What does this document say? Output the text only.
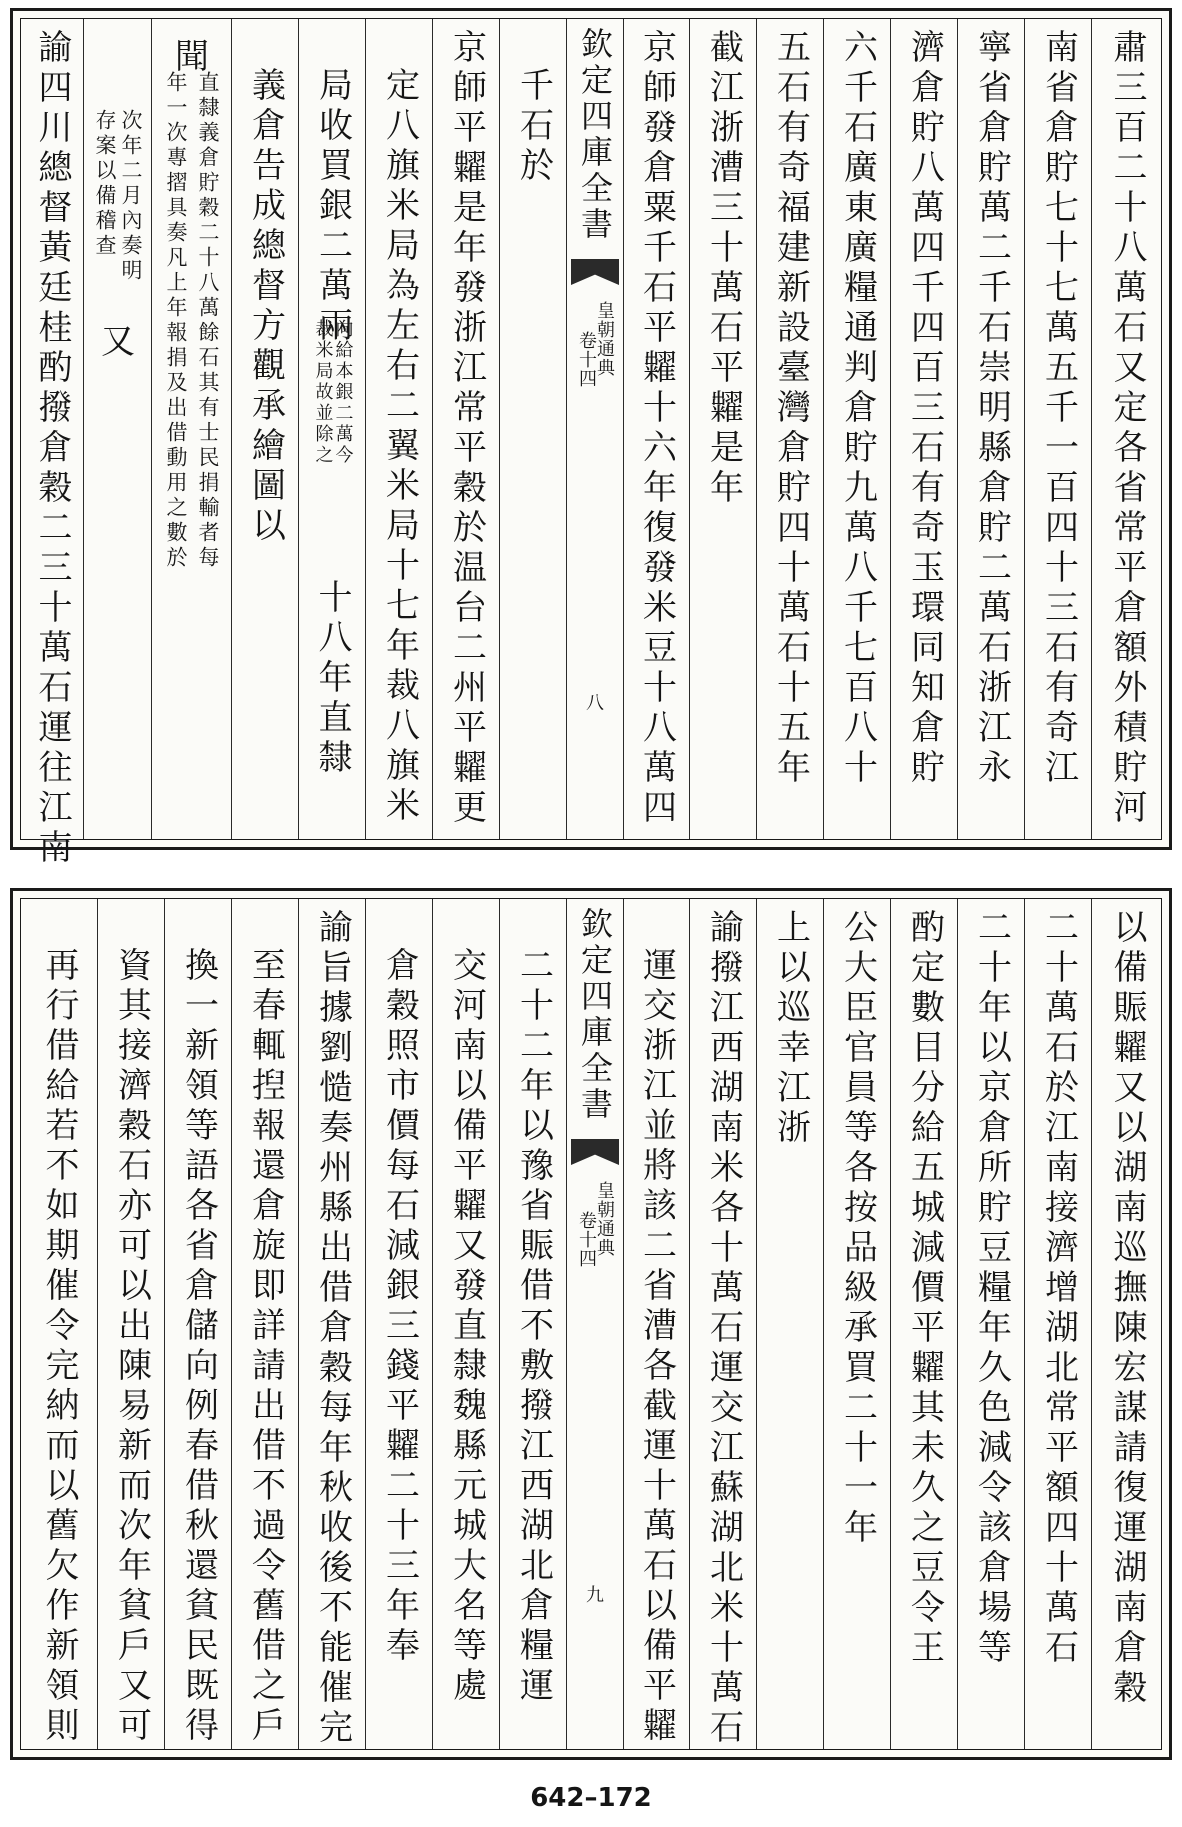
肅三百二十八萬石又定各省常平倉額外積貯河
南省倉貯七十七萬五千一百四十三石有奇江
寧省倉貯萬二千石崇明縣倉貯二萬石浙江永
濟倉貯八萬四千四百三石有奇玉環同知倉貯
六千石廣東廣糧通判倉貯九萬八千七百八十
五石有奇福建新設臺灣倉貯四十萬石十五年
截江浙漕三十萬石平糶是年
京師發倉粟千石平糶十六年復發米豆十八萬四
欽定四庫全書
皇朝通典
卷十四
八
千石於
京師平糶是年發浙江常平穀於温台二州平糶更
定八旗米局為左右二翼米局十七年裁八旗米
局收買銀二萬兩
向給本銀二萬今
裁米局故並除之
十八年直隸
義倉告成總督方觀承繪圖以
聞
直隸義倉貯穀二十八萬餘石其有士民捐輸者每
年一次專摺具奏凡上年報捐及出借動用之數於
次年二月內奏明
存案以備稽查
又
諭四川總督黃廷桂酌撥倉穀二三十萬石運往江南
以備賑糶又以湖南巡撫陳宏謀請復運湖南倉穀
二十萬石於江南接濟增湖北常平額四十萬石
二十年以京倉所貯豆糧年久色減令該倉場等
酌定數目分給五城減價平糶其未久之豆令王
公大臣官員等各按品級承買二十一年
上以巡幸江浙
諭撥江西湖南米各十萬石運交江蘇湖北米十萬石
運交浙江並將該二省漕各截運十萬石以備平糶
欽定四庫全書
皇朝通典
卷十四
九
二十二年以豫省賑借不敷撥江西湖北倉糧運
交河南以備平糶又發直隸魏縣元城大名等處
倉穀照市價每石減銀三錢平糶二十三年奉
諭旨據劉慥奏州縣出借倉穀每年秋收後不能催完
至春輒揑報還倉旋即詳請出借不過令舊借之戶
換一新領等語各省倉儲向例春借秋還貧民既得
資其接濟穀石亦可以出陳易新而次年貧戶又可
再行借給若不如期催令完納而以舊欠作新領則
642–172
